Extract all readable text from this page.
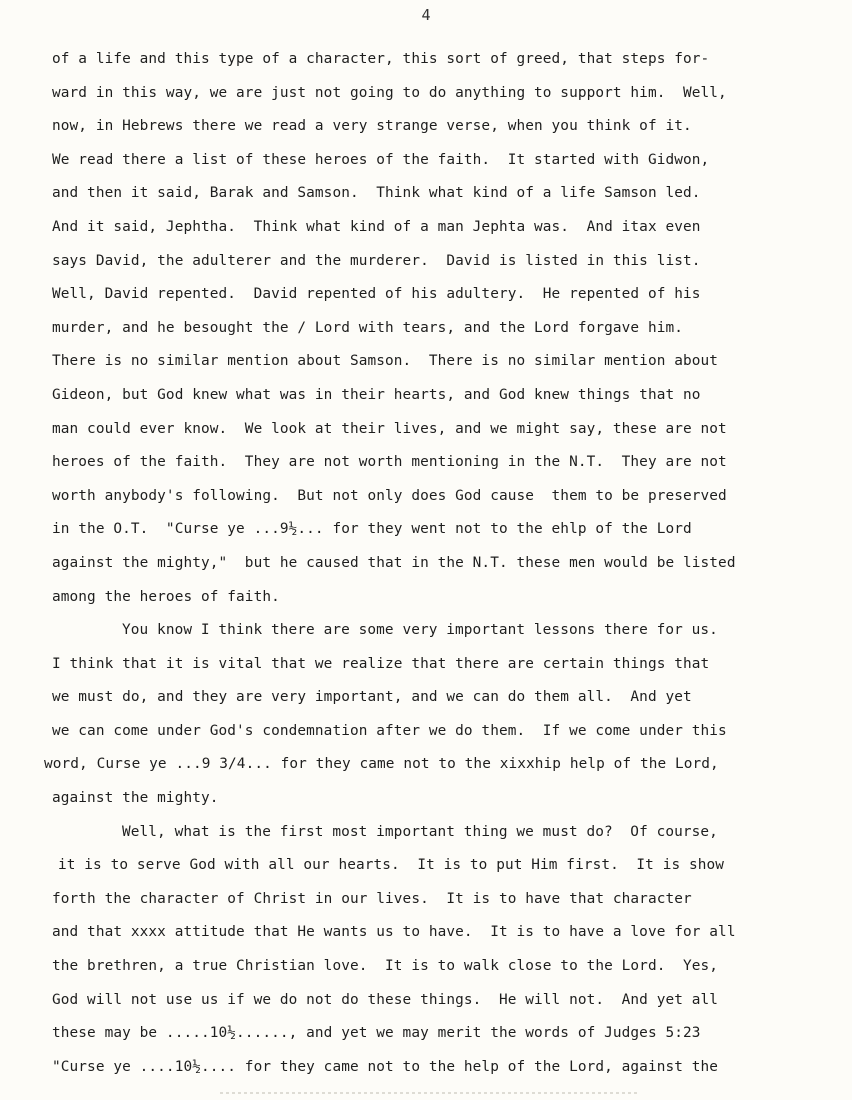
4
of a life and this type of a character, this sort of greed, that steps for-
ward in this way, we are just not going to do anything to support him.  Well,
now, in Hebrews there we read a very strange verse, when you think of it.
We read there a list of these heroes of the faith.  It started with Gidwon,
and then it said, Barak and Samson.  Think what kind of a life Samson led.
And it said, Jephtha.  Think what kind of a man Jephta was.  And itax even
says David, the adulterer and the murderer.  David is listed in this list.
Well, David repented.  David repented of his adultery.  He repented of his
murder, and he besought the / Lord with tears, and the Lord forgave him.
There is no similar mention about Samson.  There is no similar mention about
Gideon, but God knew what was in their hearts, and God knew things that no
man could ever know.  We look at their lives, and we might say, these are not
heroes of the faith.  They are not worth mentioning in the N.T.  They are not
worth anybody's following.  But not only does God cause  them to be preserved
in the O.T.  "Curse ye ...9½... for they went not to the ehlp of the Lord
against the mighty,"  but he caused that in the N.T. these men would be listed
among the heroes of faith.
You know I think there are some very important lessons there for us.
I think that it is vital that we realize that there are certain things that
we must do, and they are very important, and we can do them all.  And yet
we can come under God's condemnation after we do them.  If we come under this
word, Curse ye ...9 3/4... for they came not to the xixxhip help of the Lord,
against the mighty.
Well, what is the first most important thing we must do?  Of course,
it is to serve God with all our hearts.  It is to put Him first.  It is show
forth the character of Christ in our lives.  It is to have that character
and that xxxx attitude that He wants us to have.  It is to have a love for all
the brethren, a true Christian love.  It is to walk close to the Lord.  Yes,
God will not use us if we do not do these things.  He will not.  And yet all
these may be .....10½......, and yet we may merit the words of Judges 5:23
"Curse ye ....10½.... for they came not to the help of the Lord, against the
